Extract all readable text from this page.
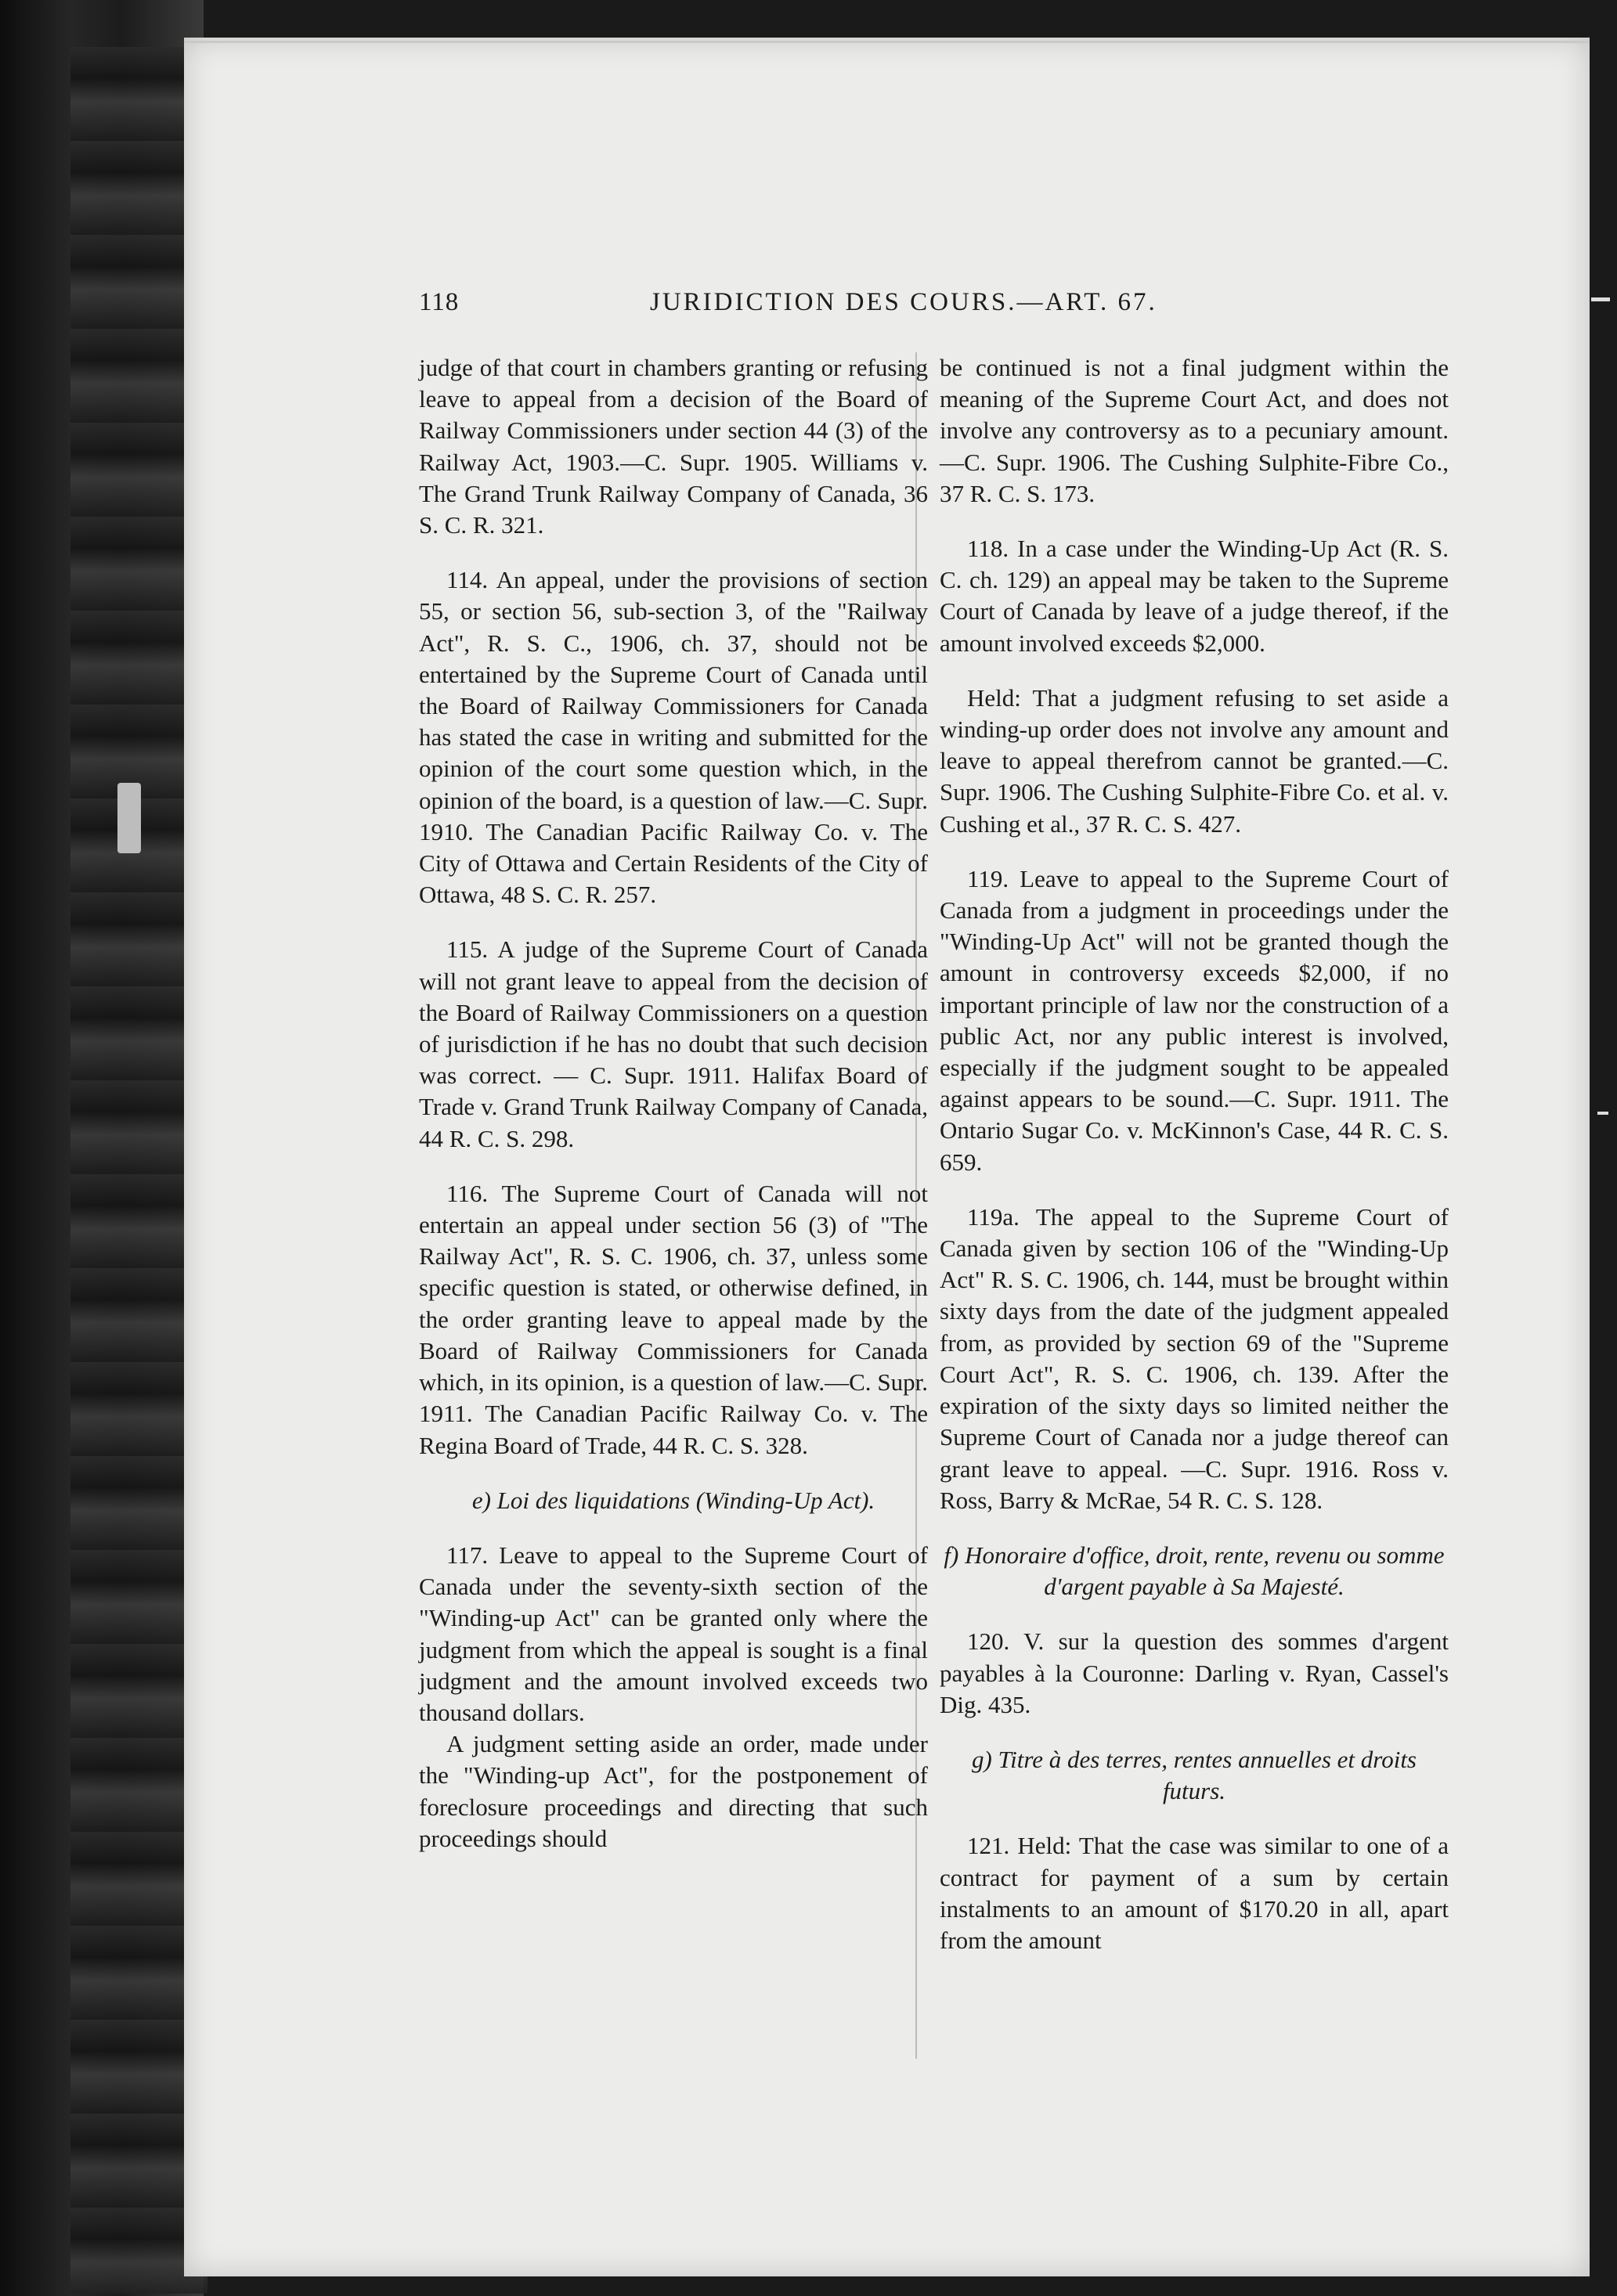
118	JURIDICTION DES COURS.—ART. 67.

judge of that court in chambers granting or refusing leave to appeal from a decision of the Board of Railway Commissioners under section 44 (3) of the Railway Act, 1903.—C. Supr. 1905. Williams v. The Grand Trunk Railway Company of Canada, 36 S. C. R. 321.

114. An appeal, under the provisions of section 55, or section 56, sub-section 3, of the "Railway Act", R. S. C., 1906, ch. 37, should not be entertained by the Supreme Court of Canada until the Board of Railway Commissioners for Canada has stated the case in writing and submitted for the opinion of the court some question which, in the opinion of the board, is a question of law.—C. Supr. 1910. The Canadian Pacific Railway Co. v. The City of Ottawa and Certain Residents of the City of Ottawa, 48 S. C. R. 257.

115. A judge of the Supreme Court of Canada will not grant leave to appeal from the decision of the Board of Railway Commissioners on a question of jurisdiction if he has no doubt that such decision was correct. — C. Supr. 1911. Halifax Board of Trade v. Grand Trunk Railway Company of Canada, 44 R. C. S. 298.

116. The Supreme Court of Canada will not entertain an appeal under section 56 (3) of "The Railway Act", R. S. C. 1906, ch. 37, unless some specific question is stated, or otherwise defined, in the order granting leave to appeal made by the Board of Railway Commissioners for Canada which, in its opinion, is a question of law.—C. Supr. 1911. The Canadian Pacific Railway Co. v. The Regina Board of Trade, 44 R. C. S. 328.

e) Loi des liquidations (Winding-Up Act).

117. Leave to appeal to the Supreme Court of Canada under the seventy-sixth section of the "Winding-up Act" can be granted only where the judgment from which the appeal is sought is a final judgment and the amount involved exceeds two thousand dollars.

A judgment setting aside an order, made under the "Winding-up Act", for the postponement of foreclosure proceedings and directing that such proceedings should

be continued is not a final judgment within the meaning of the Supreme Court Act, and does not involve any controversy as to a pecuniary amount.—C. Supr. 1906. The Cushing Sulphite-Fibre Co., 37 R. C. S. 173.

118. In a case under the Winding-Up Act (R. S. C. ch. 129) an appeal may be taken to the Supreme Court of Canada by leave of a judge thereof, if the amount involved exceeds $2,000.

Held: That a judgment refusing to set aside a winding-up order does not involve any amount and leave to appeal therefrom cannot be granted.—C. Supr. 1906. The Cushing Sulphite-Fibre Co. et al. v. Cushing et al., 37 R. C. S. 427.

119. Leave to appeal to the Supreme Court of Canada from a judgment in proceedings under the "Winding-Up Act" will not be granted though the amount in controversy exceeds $2,000, if no important principle of law nor the construction of a public Act, nor any public interest is involved, especially if the judgment sought to be appealed against appears to be sound.—C. Supr. 1911. The Ontario Sugar Co. v. McKinnon's Case, 44 R. C. S. 659.

119a. The appeal to the Supreme Court of Canada given by section 106 of the "Winding-Up Act" R. S. C. 1906, ch. 144, must be brought within sixty days from the date of the judgment appealed from, as provided by section 69 of the "Supreme Court Act", R. S. C. 1906, ch. 139. After the expiration of the sixty days so limited neither the Supreme Court of Canada nor a judge thereof can grant leave to appeal. —C. Supr. 1916. Ross v. Ross, Barry & McRae, 54 R. C. S. 128.

f) Honoraire d'office, droit, rente, revenu ou somme d'argent payable à Sa Majesté.

120. V. sur la question des sommes d'argent payables à la Couronne: Darling v. Ryan, Cassel's Dig. 435.

g) Titre à des terres, rentes annuelles et droits futurs.

121. Held: That the case was similar to one of a contract for payment of a sum by certain instalments to an amount of $170.20 in all, apart from the amount
